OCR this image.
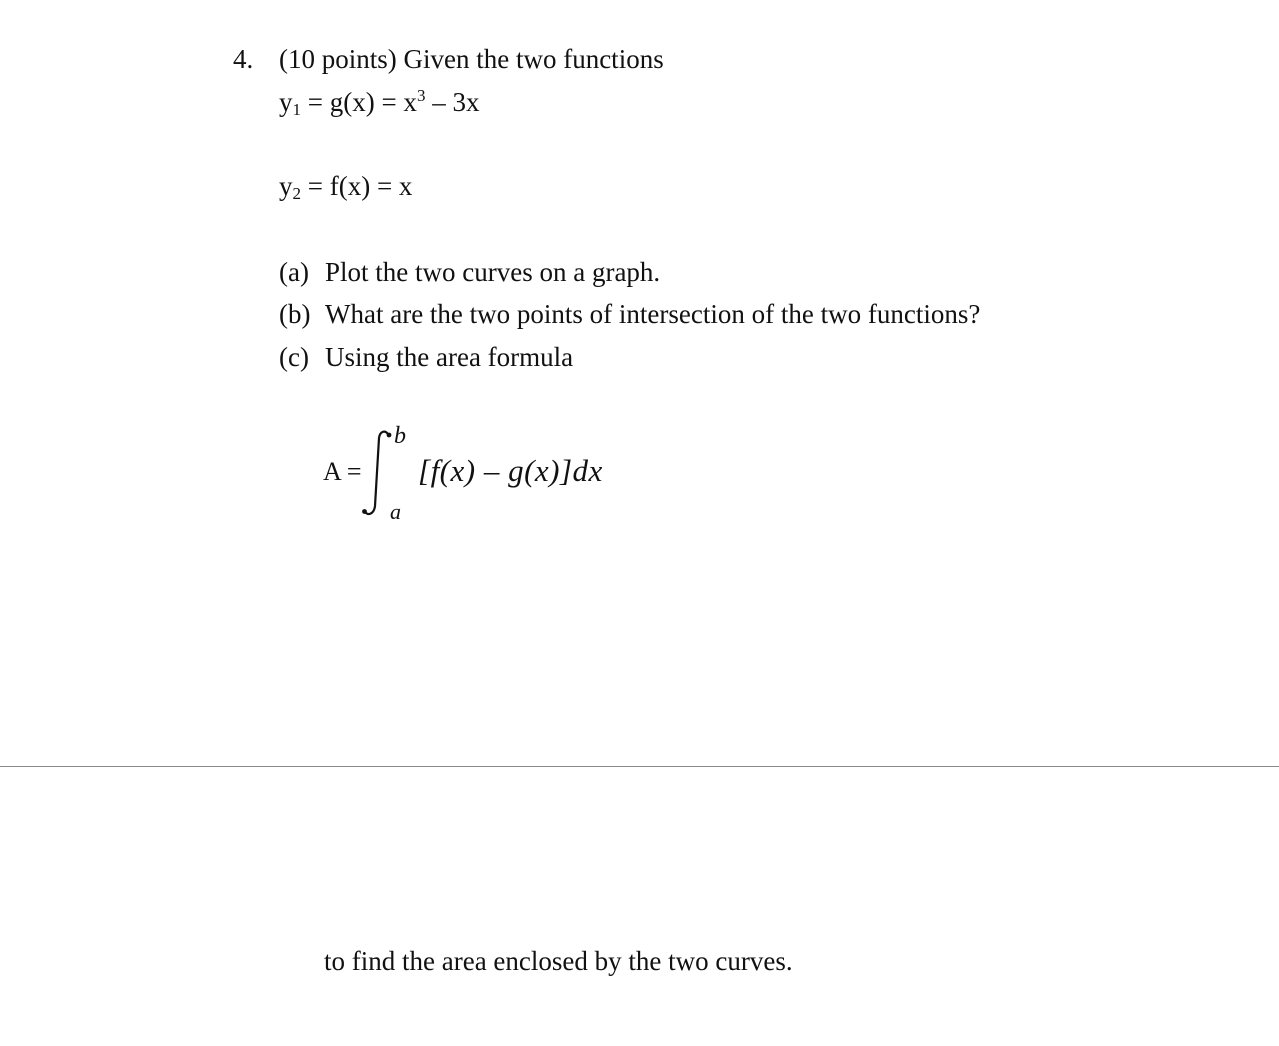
4. (10 points) Given the two functions
$y_1 = g(x) = x^3 - 3x$
$y_2 = f(x) = x$
(a) Plot the two curves on a graph.
(b) What are the two points of intersection of the two functions?
(c) Using the area formula
A =
b
a
[f(x) – g(x)]dx
to find the area enclosed by the two curves.
